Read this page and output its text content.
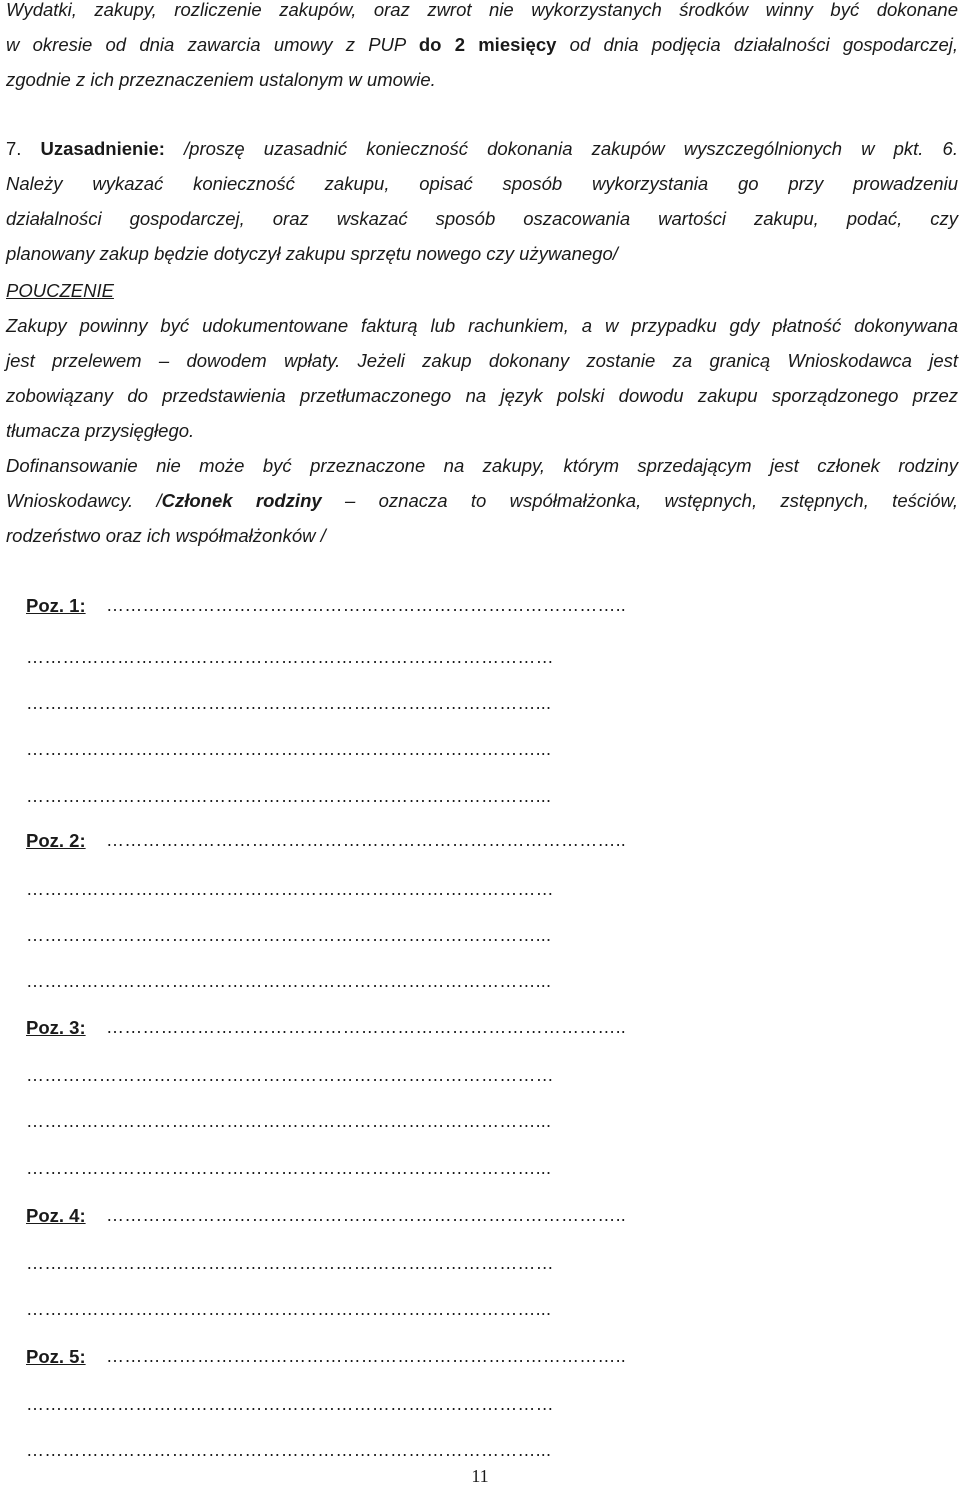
Wydatki, zakupy, rozliczenie zakupów, oraz zwrot nie wykorzystanych środków winny być dokonane
w okresie od dnia zawarcia umowy z PUP do 2 miesięcy od dnia podjęcia działalności gospodarczej,
zgodnie z ich przeznaczeniem ustalonym w umowie.
7. Uzasadnienie: /proszę uzasadnić konieczność dokonania zakupów wyszczególnionych w pkt. 6.
Należy wykazać konieczność zakupu, opisać sposób wykorzystania go przy prowadzeniu
działalności gospodarczej, oraz wskazać sposób oszacowania wartości zakupu, podać, czy
planowany zakup będzie dotyczył zakupu sprzętu nowego czy używanego/
POUCZENIE
Zakupy powinny być udokumentowane fakturą lub rachunkiem, a w przypadku gdy płatność dokonywana
jest przelewem – dowodem wpłaty. Jeżeli zakup dokonany zostanie za granicą Wnioskodawca jest
zobowiązany do przedstawienia przetłumaczonego na język polski dowodu zakupu sporządzonego przez
tłumacza przysięgłego.
Dofinansowanie nie może być przeznaczone na zakupy, którym sprzedającym jest członek rodziny
Wnioskodawcy. /Członek rodziny – oznacza to współmałżonka, wstępnych, zstępnych, teściów,
rodzeństwo oraz ich współmałżonków /
Poz. 1: …………………………………………………………………………..
……………………………………………………………………………
…………………………………………………………………………...
…………………………………………………………………………...
…………………………………………………………………………...
Poz. 2: …………………………………………………………………………..
……………………………………………………………………………
…………………………………………………………………………...
…………………………………………………………………………...
Poz. 3: …………………………………………………………………………..
……………………………………………………………………………
…………………………………………………………………………...
…………………………………………………………………………...
Poz. 4: …………………………………………………………………………..
……………………………………………………………………………
…………………………………………………………………………...
Poz. 5: …………………………………………………………………………..
……………………………………………………………………………
…………………………………………………………………………...
11
